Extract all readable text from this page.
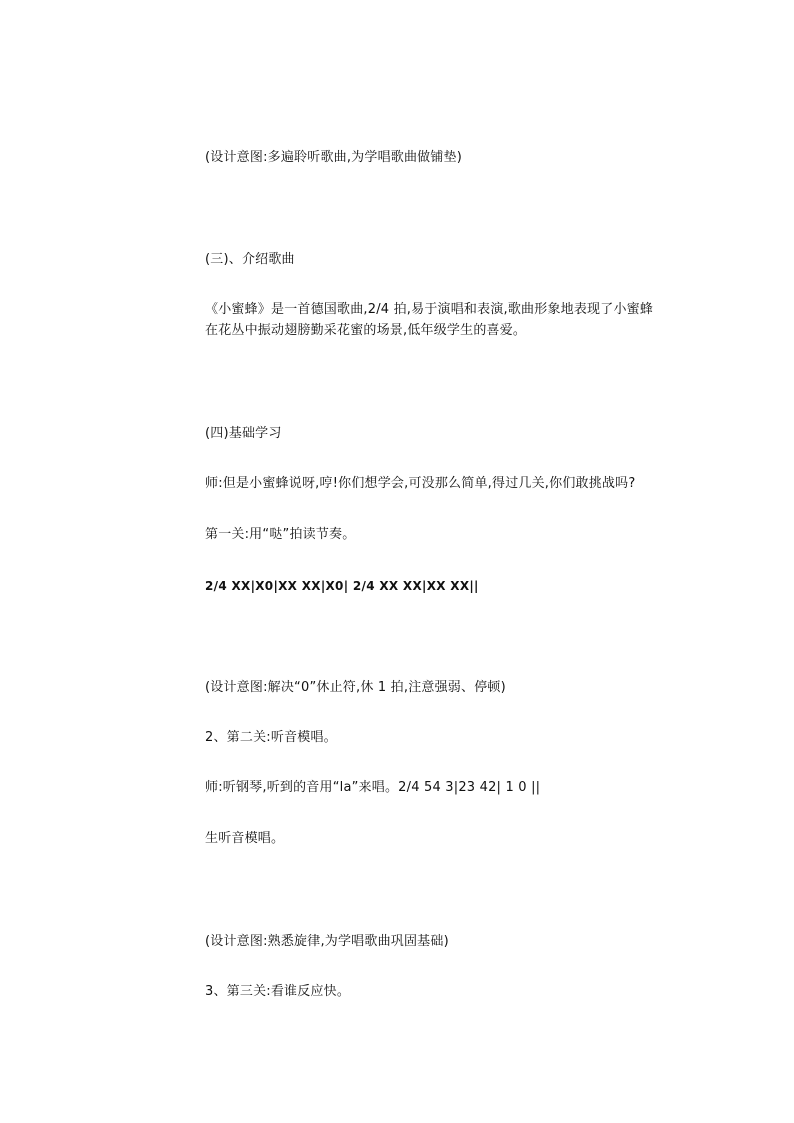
(设计意图:多遍聆听歌曲,为学唱歌曲做铺垫)
(三)、介绍歌曲
《小蜜蜂》是一首德国歌曲,2/4 拍,易于演唱和表演,歌曲形象地表现了小蜜蜂
在花丛中振动翅膀勤采花蜜的场景,低年级学生的喜爱。
(四)基础学习
师:但是小蜜蜂说呀,哼!你们想学会,可没那么简单,得过几关,你们敢挑战吗?
第一关:用“哒”拍读节奏。
2/4 XX|X0|XX XX|X0| 2/4 XX XX|XX XX||
(设计意图:解决“0”休止符,休 1 拍,注意强弱、停顿)
2、第二关:听音模唱。
师:听钢琴,听到的音用“la”来唱。2/4 54 3|23 42| 1 0 ||
生听音模唱。
(设计意图:熟悉旋律,为学唱歌曲巩固基础)
3、第三关:看谁反应快。
